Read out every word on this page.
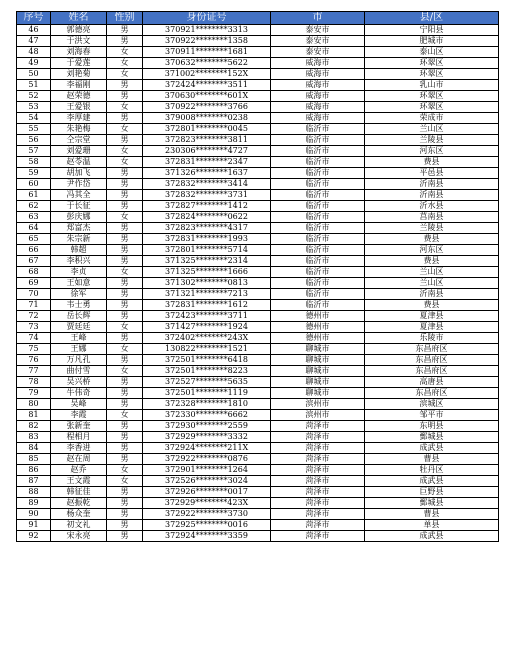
序号	姓名	性别	身份证号	市	县/区
46	郭德亮	男	370921********3313	泰安市	宁阳县
47	于洪文	男	370922********1358	泰安市	肥城市
48	刘海春	女	370911********1681	泰安市	泰山区
49	于爱莲	女	370632********5622	威海市	环翠区
50	刘艳菊	女	371002********152X	威海市	环翠区
51	李福刚	男	372424********3511	威海市	乳山市
52	赵荣德	男	370630********601X	威海市	环翠区
53	王爱银	女	370922********3766	威海市	环翠区
54	李厚建	男	379008********0238	威海市	荣成市
55	朱艳梅	女	372801********0045	临沂市	兰山区
56	仝宗堂	男	372823********3811	临沂市	兰陵县
57	刘爱珊	女	230306********4727	临沂市	河东区
58	赵苓温	女	372831********2347	临沂市	费县
59	胡加飞	男	371326********1637	临沂市	平邑县
60	尹作岱	男	372832********3414	临沂市	沂南县
61	冯其全	男	372832********3731	临沂市	沂南县
62	于长征	男	372827********1412	临沂市	沂水县
63	彭庆娜	女	372824********0622	临沂市	莒南县
64	郑富杰	男	372823********4317	临沂市	兰陵县
65	朱宗新	男	372831********1993	临沂市	费县
66	韩超	男	372801********5714	临沂市	河东区
67	李积兴	男	371325********2314	临沂市	费县
68	李贞	女	371325********1666	临沂市	兰山区
69	王如意	男	371302********0813	临沂市	兰山区
70	徐军	男	371321********7213	临沂市	沂南县
71	韦士勇	男	372831********1612	临沂市	费县
72	岳长辉	男	372423********3711	德州市	夏津县
73	贾廷廷	女	371427********1924	德州市	夏津县
74	王峰	男	372402********243X	德州市	乐陵市
75	王娜	女	130822********1521	聊城市	东昌府区
76	万凡孔	男	372501********6418	聊城市	东昌府区
77	曲付雪	女	372501********8223	聊城市	东昌府区
78	吴兴桥	男	372527********5635	聊城市	高唐县
79	牛伟奇	男	372501********1119	聊城市	东昌府区
80	吴峰	男	372328********1810	滨州市	滨城区
81	李霞	女	372330********6662	滨州市	邹平市
82	张新奎	男	372930********2559	菏泽市	东明县
83	程相月	男	372929********3332	菏泽市	鄄城县
84	李香进	男	372924********211X	菏泽市	成武县
85	赵在周	男	372922********0876	菏泽市	曹县
86	赵乔	女	372901********1264	菏泽市	牡丹区
87	王文霞	女	372526********3024	菏泽市	成武县
88	韩征佳	男	372926********0017	菏泽市	巨野县
89	赵振乾	男	372929********423X	菏泽市	鄄城县
90	杨众奎	男	372922********3730	菏泽市	曹县
91	初文礼	男	372925********0016	菏泽市	单县
92	宋永亮	男	372924********3359	菏泽市	成武县
